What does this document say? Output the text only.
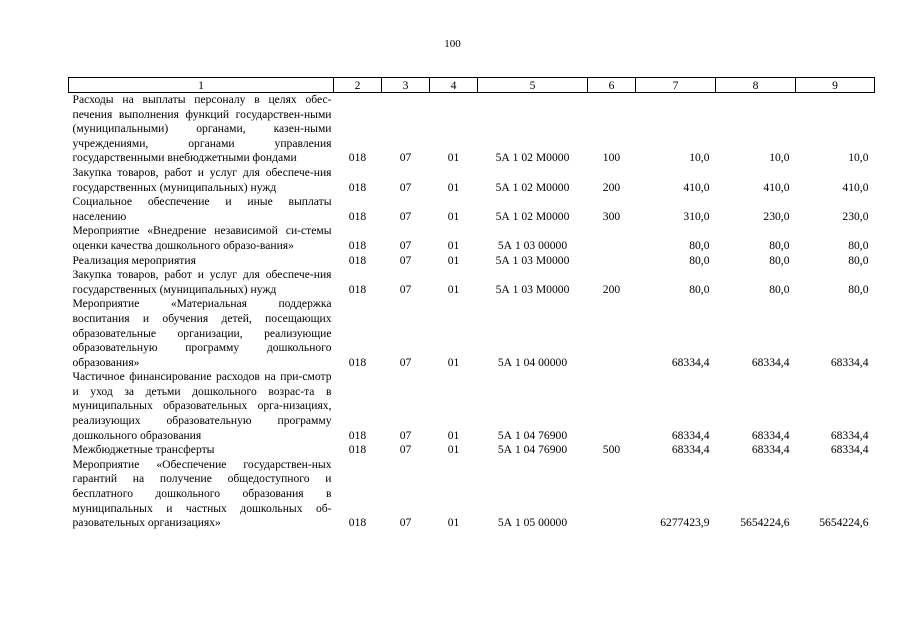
100
1	2	3	4	5	6	7	8	9
Расходы на выплаты персоналу в целях обес-печения выполнения функций государствен-ными (муниципальными) органами, казен-ными учреждениями, органами управления государственными внебюджетными фондами	018	07	01	5А 1 02 М0000	100	10,0	10,0	10,0
Закупка товаров, работ и услуг для обеспече-ния государственных (муниципальных) нужд	018	07	01	5А 1 02 М0000	200	410,0	410,0	410,0
Социальное обеспечение и иные выплаты населению	018	07	01	5А 1 02 М0000	300	310,0	230,0	230,0
Мероприятие «Внедрение независимой си-стемы оценки качества дошкольного образо-вания»	018	07	01	5А 1 03 00000		80,0	80,0	80,0
Реализация мероприятия	018	07	01	5А 1 03 М0000		80,0	80,0	80,0
Закупка товаров, работ и услуг для обеспече-ния государственных (муниципальных) нужд	018	07	01	5А 1 03 М0000	200	80,0	80,0	80,0
Мероприятие «Материальная поддержка воспитания и обучения детей, посещающих образовательные организации, реализующие образовательную программу дошкольного образования»	018	07	01	5А 1 04 00000		68334,4	68334,4	68334,4
Частичное финансирование расходов на при-смотр и уход за детьми дошкольного возрас-та в муниципальных образовательных орга-низациях, реализующих образовательную программу дошкольного образования	018	07	01	5А 1 04 76900		68334,4	68334,4	68334,4
Межбюджетные трансферты	018	07	01	5А 1 04 76900	500	68334,4	68334,4	68334,4
Мероприятие «Обеспечение государствен-ных гарантий на получение общедоступного и бесплатного дошкольного образования в муниципальных и частных дошкольных об-разовательных организациях»	018	07	01	5А 1 05 00000		6277423,9	5654224,6	5654224,6
